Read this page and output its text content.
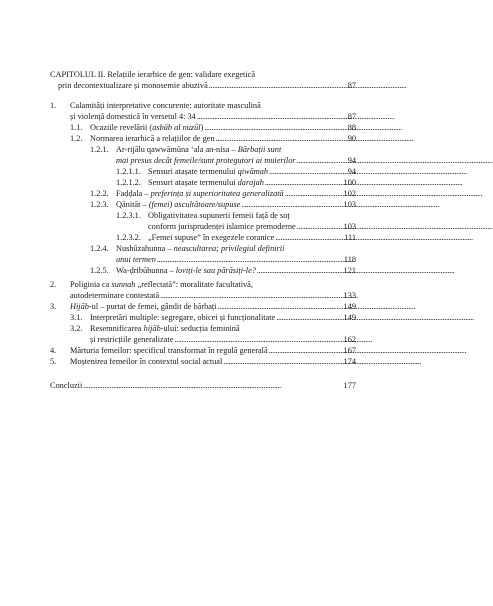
CAPITOLUL II. Relațiile ierarhice de gen: validare exegetică
prin decontextualizare și monosemie abuzivă . . .	87
1. Calamități interpretative concurente: autoritate masculină
și violență domestică în versetul 4: 34 . . .	87
1.1. Ocaziile revelării (asbāb al nuzūl) . . .	88
1.2. Normarea ierarhică a relațiilor de gen . . .	90
1.2.1. Ar-rijālu qawwāmūna ‘ala an-nisa – Bărbații sunt
mai presus decât femeile/sunt protegutori ai muierilor . . .	94
1.2.1.1. Sensuri atașate termenului qiwāmah . . .	94
1.2.1.2. Sensuri atașate termenului darajah . . .	100
1.2.2. Faḍḍala – preferința și superioritatea generalizată . . .	102
1.2.3. Qānitāt – (femei) ascultătoare/supuse . . .	103
1.2.3.1. Obligativitatea supunerii femeii față de soț
conform jurisprudenței islamice premoderne . . .	103
1.2.3.2. „Femei supuse” în exegezele coranice . . .	111
1.2.4. Nushūzahunna – neascultarea; privilegiul definirii
unui termen . . .	118
1.2.5. Wa-ḍribūhunna – loviți-le sau părăsiți-le? . . .	121
2. Poliginia ca sunnah „reflectată”: moralitate facultativă,
autodeterminare contestată . . .	133
3. Hijāb-ul – purtat de femei, gândit de bărbați . . .	149
3.1. Interpretări multiple: segregare, obicei și funcționalitate . . .	149
3.2. Resemnificarea hijāb-ului: seducția feminină
și restricțiile generalizate . . .	162
4. Mărturia femeilor: specificul transformat în regulă generală . . .	167
5. Moștenirea femeilor în contextul social actual . . .	174
Concluzii . . .	177
